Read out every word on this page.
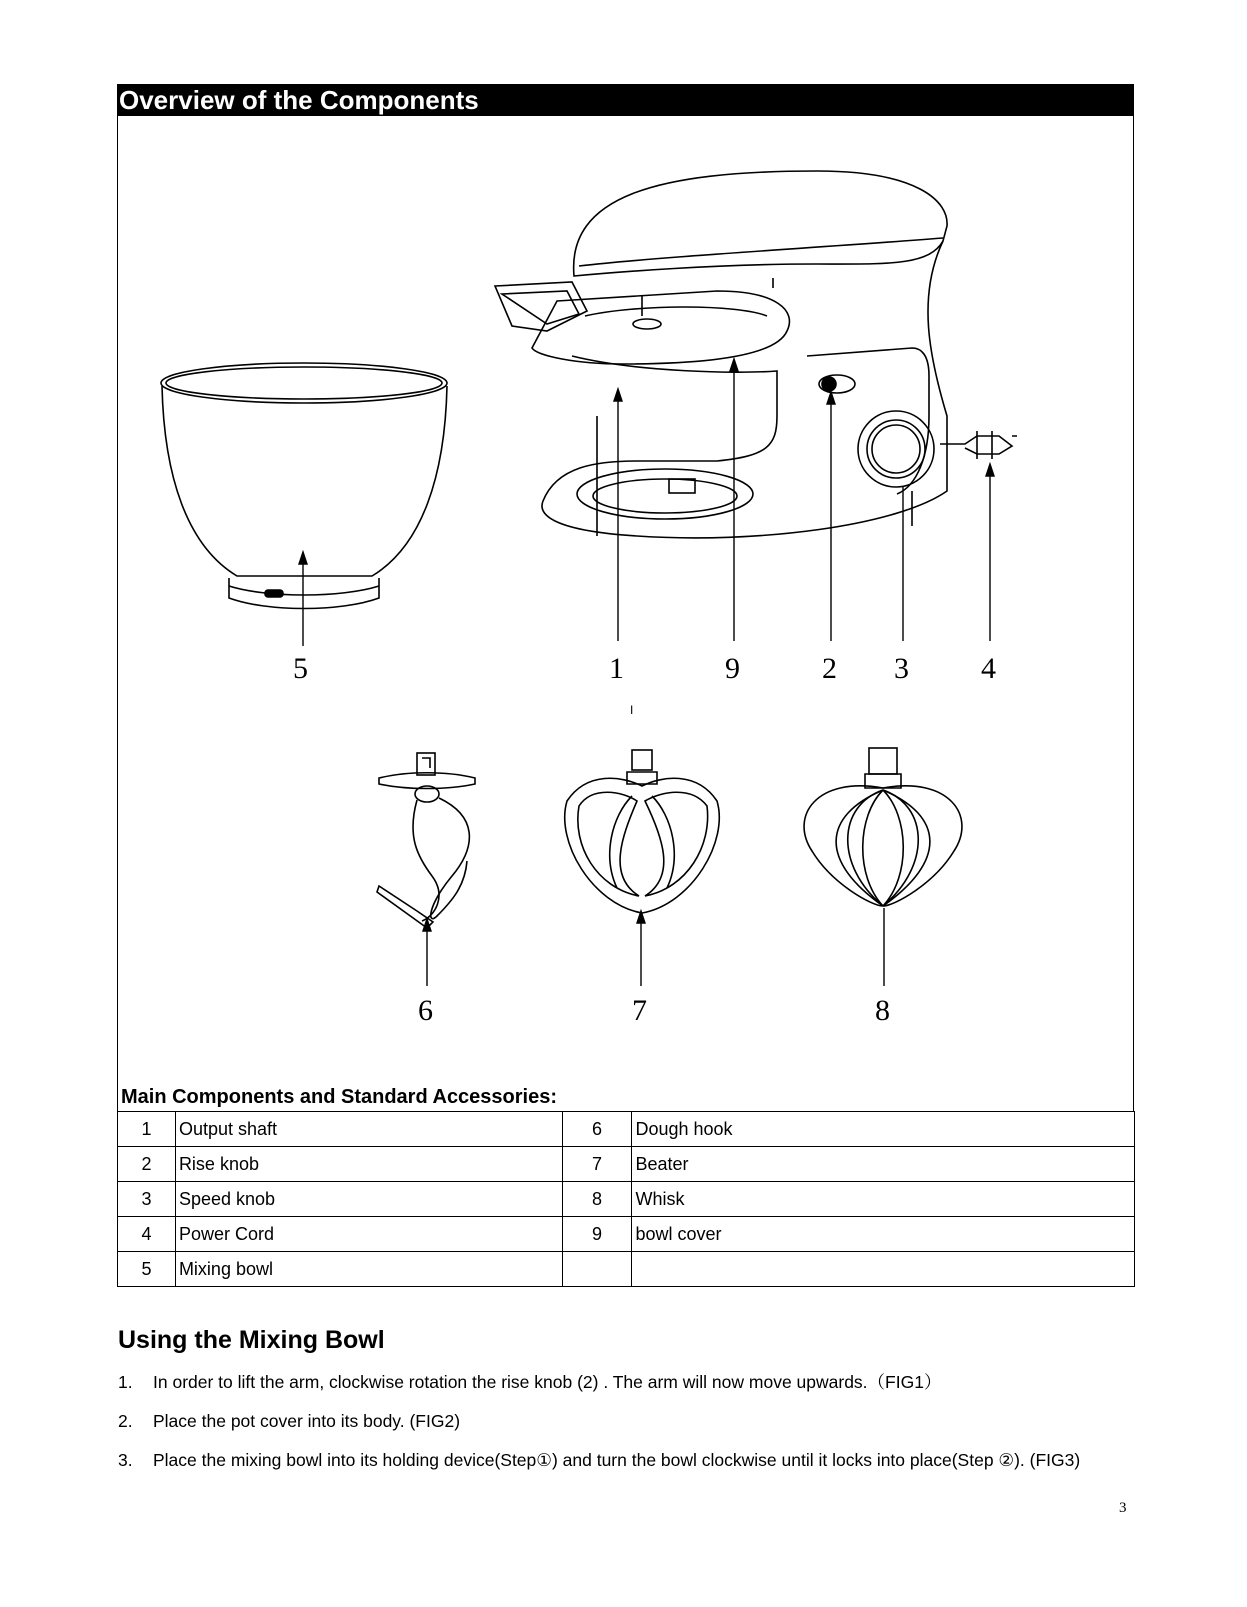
Overview of the Components
5	1	9	2 3 4
I
6	7	8
Main Components and Standard Accessories:
1	Output shaft	6	Dough hook
2	Rise knob	7	Beater
3	Speed knob	8	Whisk
4	Power Cord	9	bowl cover
5	Mixing bowl		
Using the Mixing Bowl
1. In order to lift the arm, clockwise rotation the rise knob (2) . The arm will now move upwards.（FIG1）
2. Place the pot cover into its body. (FIG2)
3. Place the mixing bowl into its holding device(Step①) and turn the bowl clockwise until it locks into place(Step ②). (FIG3)
3
